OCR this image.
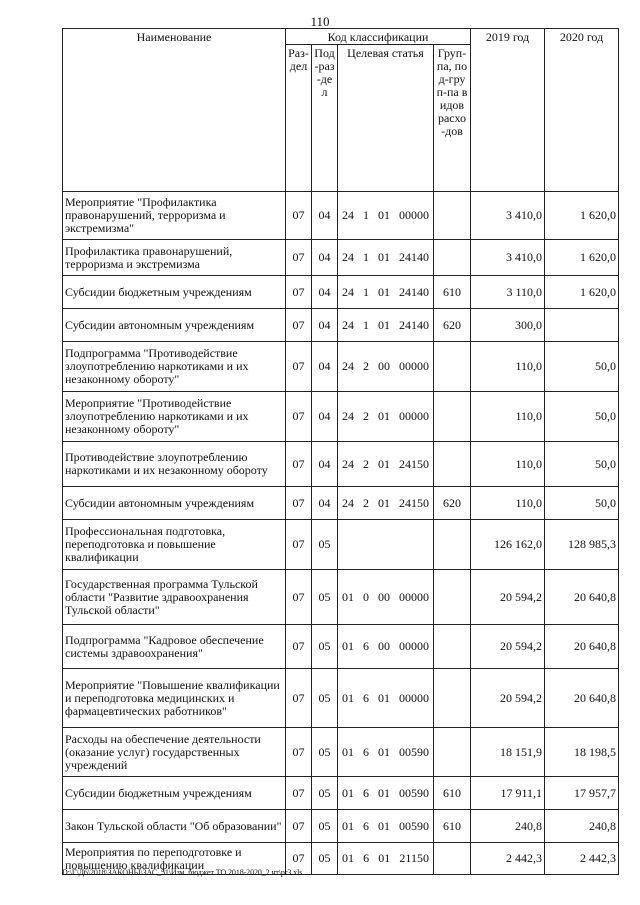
110
Наименование	Код классификации				2019 год	2020 год
	Раз-дел	Под-раз-дел	Целевая статья	Груп-па, под-груп-па видов расхо-дов		
Мероприятие "Профилактика правонарушений, терроризма и экстремизма"	07	04	24 1 01 00000		3 410,0	1 620,0
Профилактика правонарушений, терроризма и экстремизма	07	04	24 1 01 24140		3 410,0	1 620,0
Субсидии бюджетным учреждениям	07	04	24 1 01 24140	610	3 110,0	1 620,0
Субсидии автономным учреждениям	07	04	24 1 01 24140	620	300,0	
Подпрограмма "Противодействие злоупотреблению наркотиками и их незаконному обороту"	07	04	24 2 00 00000		110,0	50,0
Мероприятие "Противодействие злоупотреблению наркотиками и их незаконному обороту"	07	04	24 2 01 00000		110,0	50,0
Противодействие злоупотреблению наркотиками и их незаконному обороту	07	04	24 2 01 24150		110,0	50,0
Субсидии автономным учреждениям	07	04	24 2 01 24150	620	110,0	50,0
Профессиональная подготовка, переподготовка и повышение квалификации	07	05			126 162,0	128 985,3
Государственная программа Тульской области "Развитие здравоохранения Тульской области"	07	05	01 0 00 00000		20 594,2	20 640,8
Подпрограмма "Кадровое обеспечение системы здравоохранения"	07	05	01 6 00 00000		20 594,2	20 640,8
Мероприятие "Повышение квалификации и переподготовка медицинских и фармацевтических работников"	07	05	01 6 01 00000		20 594,2	20 640,8
Расходы на обеспечение деятельности (оказание услуг) государственных учреждений	07	05	01 6 01 00590		18 151,9	18 198,5
Субсидии бюджетным учреждениям	07	05	01 6 01 00590	610	17 911,1	17 957,7
Закон Тульской области "Об образовании"	07	05	01 6 01 00590	610	240,8	240,8
Мероприятия по переподготовке и повышению квалификации	07	05	01 6 01 21150		2 442,3	2 442,3
D:\Г\Д6\2018\ЗАКОНЫ\ЗАС_51\Изм. бюджет ТО 2018-2020_2 чт\pr3.xls
